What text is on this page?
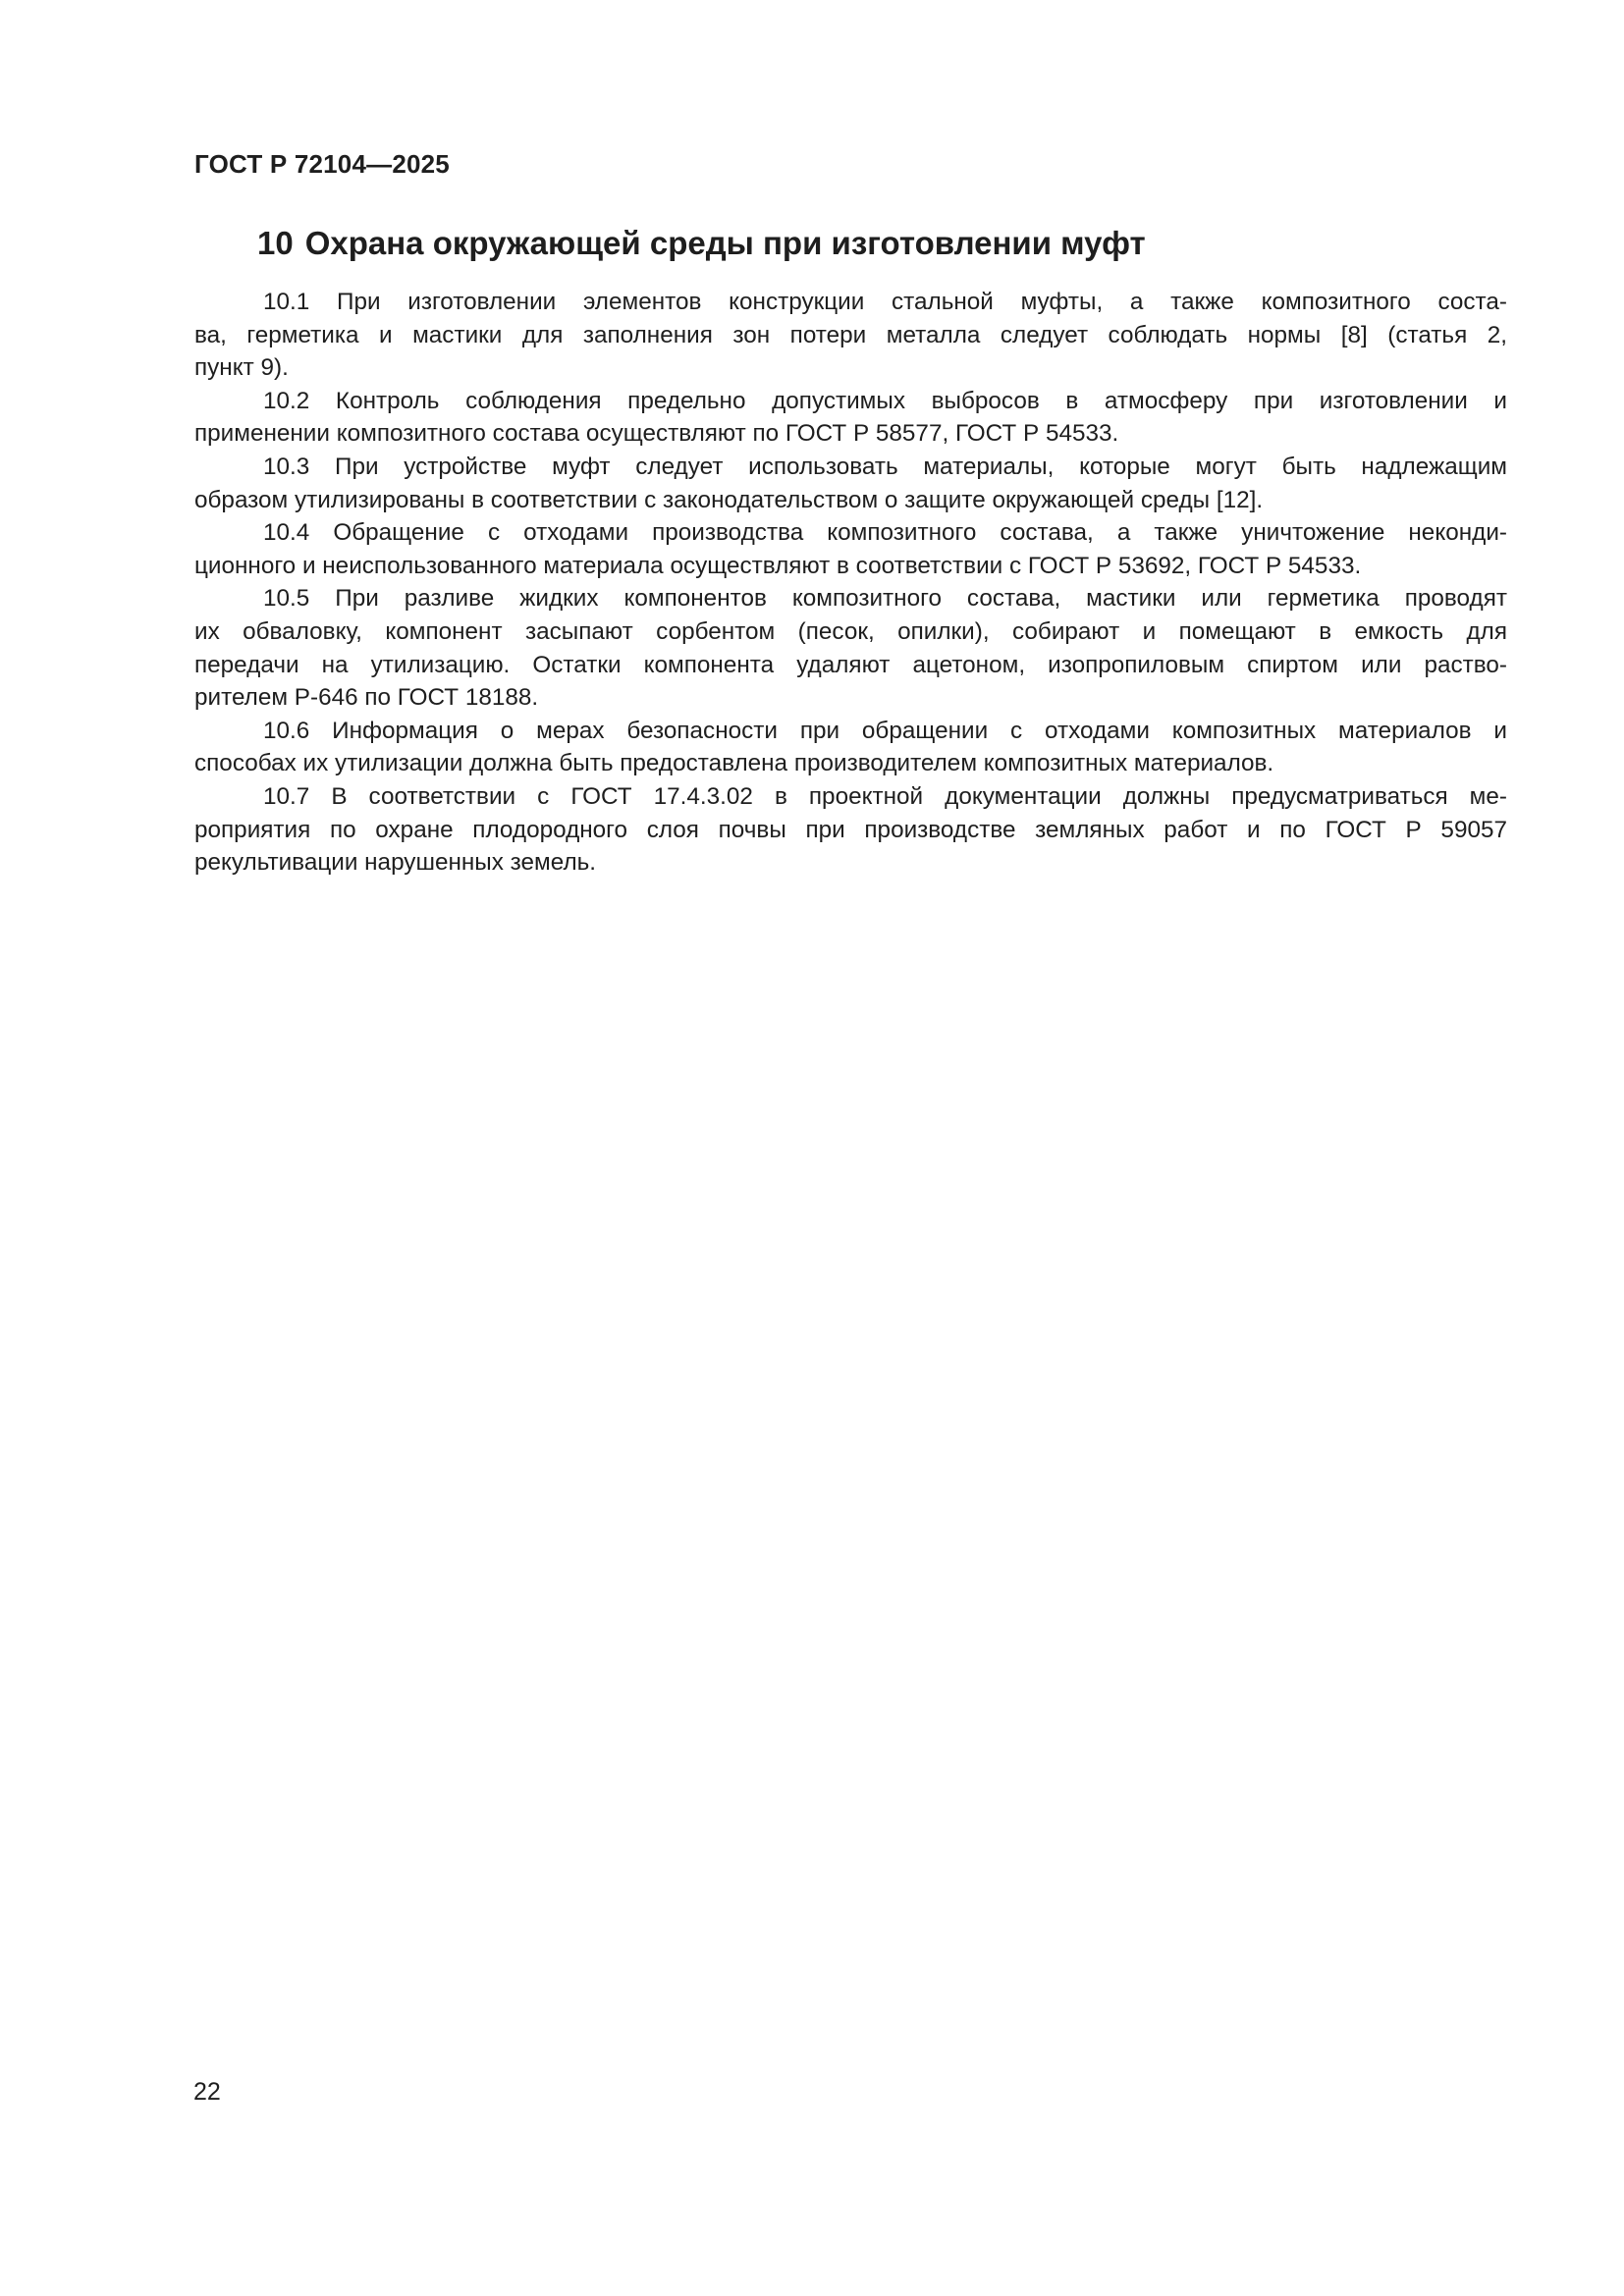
ГОСТ Р 72104—2025
10 Охрана окружающей среды при изготовлении муфт

10.1 При изготовлении элементов конструкции стальной муфты, а также композитного соста-
ва, герметика и мастики для заполнения зон потери металла следует соблюдать нормы [8] (статья 2,
пункт 9).

10.2 Контроль соблюдения предельно допустимых выбросов в атмосферу при изготовлении и
применении композитного состава осуществляют по ГОСТ Р 58577, ГОСТ Р 54533.

10.3 При устройстве муфт следует использовать материалы, которые могут быть надлежащим
образом утилизированы в соответствии с законодательством о защите окружающей среды [12].

10.4 Обращение с отходами производства композитного состава, а также уничтожение неконди-
ционного и неиспользованного материала осуществляют в соответствии с ГОСТ Р 53692, ГОСТ Р 54533.

10.5 При разливе жидких компонентов композитного состава, мастики или герметика проводят
их обваловку, компонент засыпают сорбентом (песок, опилки), собирают и помещают в емкость для
передачи на утилизацию. Остатки компонента удаляют ацетоном, изопропиловым спиртом или раство-
рителем Р-646 по ГОСТ 18188.

10.6 Информация о мерах безопасности при обращении с отходами композитных материалов и
способах их утилизации должна быть предоставлена производителем композитных материалов.

10.7 В соответствии с ГОСТ 17.4.3.02 в проектной документации должны предусматриваться ме-
роприятия по охране плодородного слоя почвы при производстве земляных работ и по ГОСТ Р 59057
рекультивации нарушенных земель.

22
